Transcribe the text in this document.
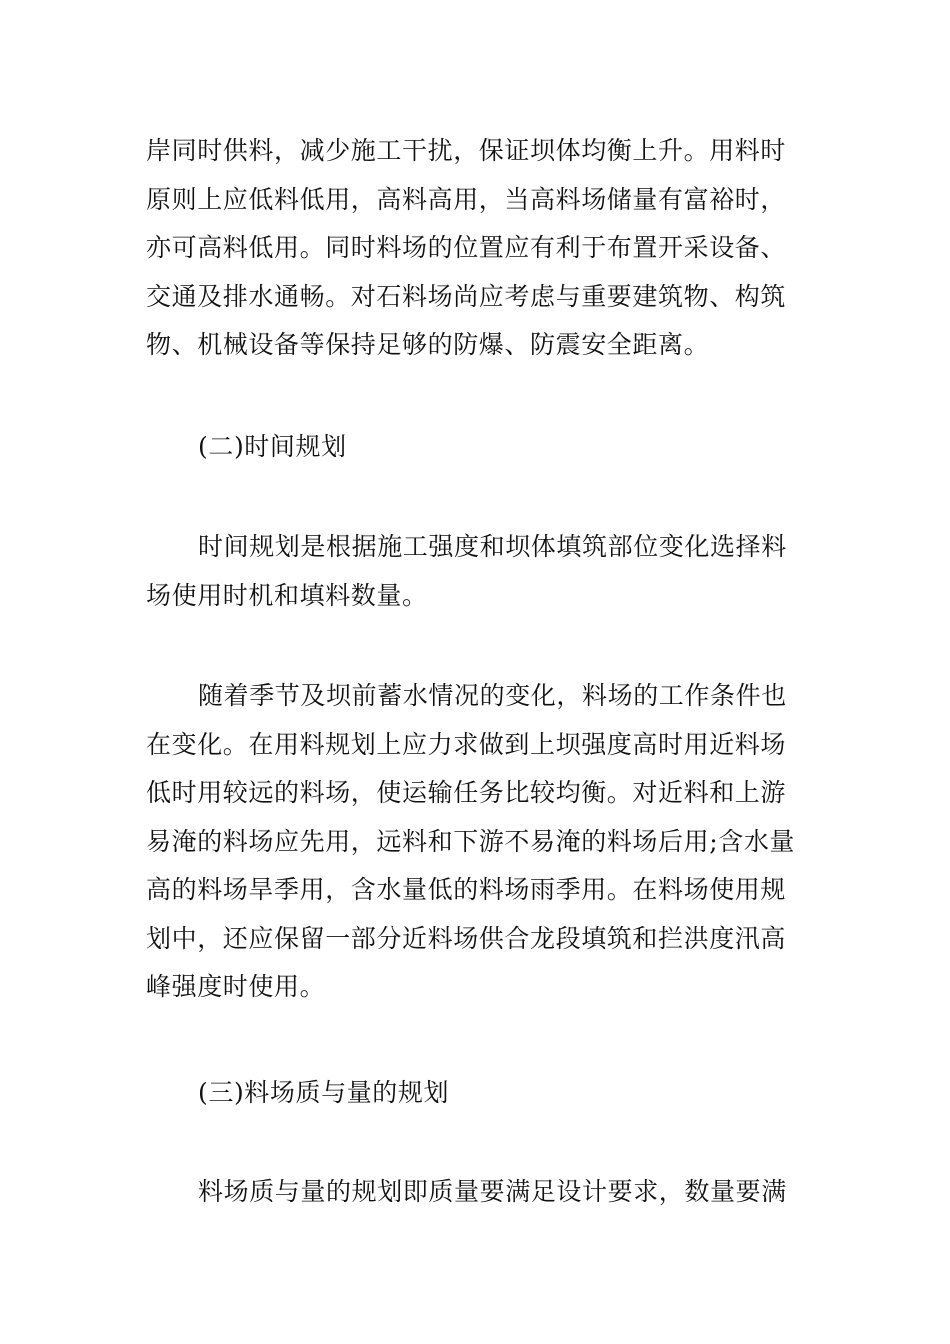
岸同时供料，减少施工干扰，保证坝体均衡上升。用料时
原则上应低料低用，高料高用，当高料场储量有富裕时，
亦可高料低用。同时料场的位置应有利于布置开采设备、
交通及排水通畅。对石料场尚应考虑与重要建筑物、构筑
物、机械设备等保持足够的防爆、防震安全距离。
(二)时间规划
时间规划是根据施工强度和坝体填筑部位变化选择料
场使用时机和填料数量。
随着季节及坝前蓄水情况的变化，料场的工作条件也
在变化。在用料规划上应力求做到上坝强度高时用近料场
低时用较远的料场，使运输任务比较均衡。对近料和上游
易淹的料场应先用，远料和下游不易淹的料场后用;含水量
高的料场旱季用，含水量低的料场雨季用。在料场使用规
划中，还应保留一部分近料场供合龙段填筑和拦洪度汛高
峰强度时使用。
(三)料场质与量的规划
料场质与量的规划即质量要满足设计要求，数量要满
